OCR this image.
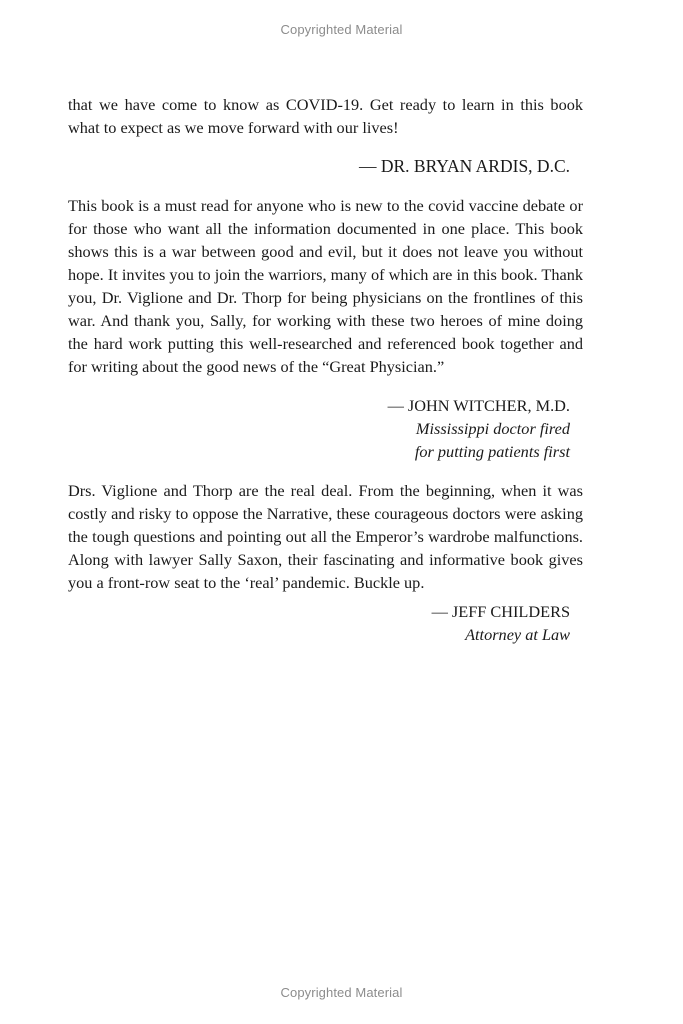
Copyrighted Material

that we have come to know as COVID-19. Get ready to learn in this book what to expect as we move forward with our lives!

— DR. BRYAN ARDIS, D.C.

This book is a must read for anyone who is new to the covid vaccine debate or for those who want all the information documented in one place. This book shows this is a war between good and evil, but it does not leave you without hope. It invites you to join the warriors, many of which are in this book. Thank you, Dr. Viglione and Dr. Thorp for being physicians on the frontlines of this war. And thank you, Sally, for working with these two heroes of mine doing the hard work putting this well-researched and referenced book together and for writing about the good news of the “Great Physician.”

— JOHN WITCHER, M.D.
Mississippi doctor fired
for putting patients first

Drs. Viglione and Thorp are the real deal. From the beginning, when it was costly and risky to oppose the Narrative, these courageous doctors were asking the tough questions and pointing out all the Emperor’s wardrobe malfunctions. Along with lawyer Sally Saxon, their fascinating and informative book gives you a front-row seat to the ‘real’ pandemic. Buckle up.

— JEFF CHILDERS
Attorney at Law
Copyrighted Material
